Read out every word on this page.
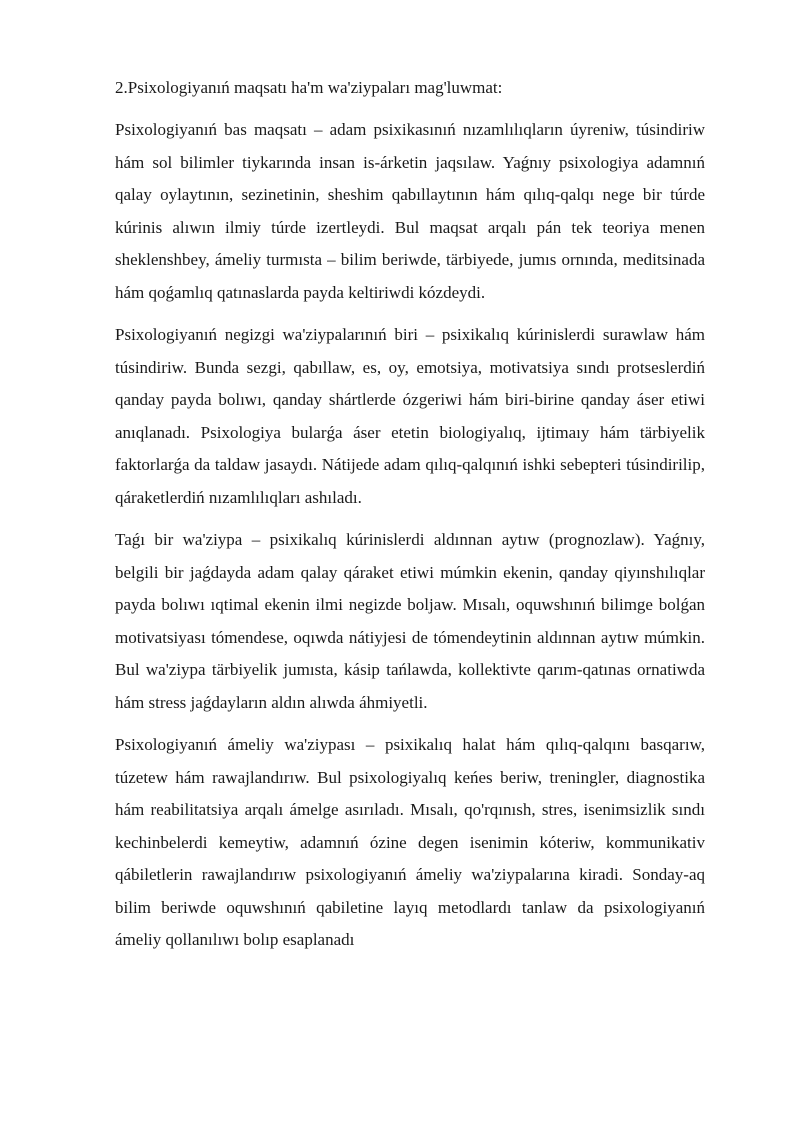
2.Psixologiyanıń maqsatı ha'm wa'ziypaları mag'luwmat:

Psixologiyanıń bas maqsatı – adam psixikasınıń nızamlılıqların úyreniw, túsindiriw hám sol bilimler tiykarında insan is-árketin jaqsılaw. Yaǵnıy psixologiya adamnıń qalay oylaytının, sezinetinin, sheshim qabıllaytının hám qılıq-qalqı nege bir túrde kúrinis alıwın ilmiy túrde izertleydi. Bul maqsat arqalı pán tek teoriya menen sheklenshbey, ámeliy turmısta – bilim beriwde, tärbiyede, jumıs ornında, meditsinada hám qoǵamlıq qatınaslarda payda keltiriwdi kózdeydi.

Psixologiyanıń negizgi wa'ziypalarınıń biri – psixikalıq kúrinislerdi surawlaw hám túsindiriw. Bunda sezgi, qabıllaw, es, oy, emotsiya, motivatsiya sındı protseslerdiń qanday payda bolıwı, qanday shártlerde ózgeriwi hám biri-birine qanday áser etiwi anıqlanadı. Psixologiya bularǵa áser etetin biologiyalıq, ijtimaıy hám tärbiyelik faktorlarǵa da taldaw jasaydı. Nátijede adam qılıq-qalqınıń ishki sebepteri túsindirilip, qáraketlerdiń nızamlılıqları ashıladı.

Taǵı bir wa'ziypa – psixikalıq kúrinislerdi aldınnan aytıw (prognozlaw). Yaǵnıy, belgili bir jaǵdayda adam qalay qáraket etiwi múmkin ekenin, qanday qiyınshılıqlar payda bolıwı ıqtimal ekenin ilmi negizde boljaw. Mısalı, oquwshınıń bilimge bolǵan motivatsiyası tómendese, oqıwda nátiyjesi de tómendeytinin aldınnan aytıw múmkin. Bul wa'ziypa tärbiyelik jumısta, kásip tańlawda, kollektivte qarım-qatınas ornatiwda hám stress jaǵdayların aldın alıwda áhmiyetli.

Psixologiyanıń ámeliy wa'ziypası – psixikalıq halat hám qılıq-qalqını basqarıw, túzetew hám rawajlandırıw. Bul psixologiyalıq keńes beriw, treningler, diagnostika hám reabilitatsiya arqalı ámelge asırıladı. Mısalı, qo'rqınısh, stres, isenimsizlik sındı kechinbelerdi kemeytiw, adamnıń ózine degen isenimin kóteriw, kommunikativ qábiletlerin rawajlandırıw psixologiyanıń ámeliy wa'ziypalarına kiradi. Sonday-aq bilim beriwde oquwshınıń qabiletine layıq metodlardı tanlaw da psixologiyanıń ámeliy qollanılıwı bolıp esaplanadı
